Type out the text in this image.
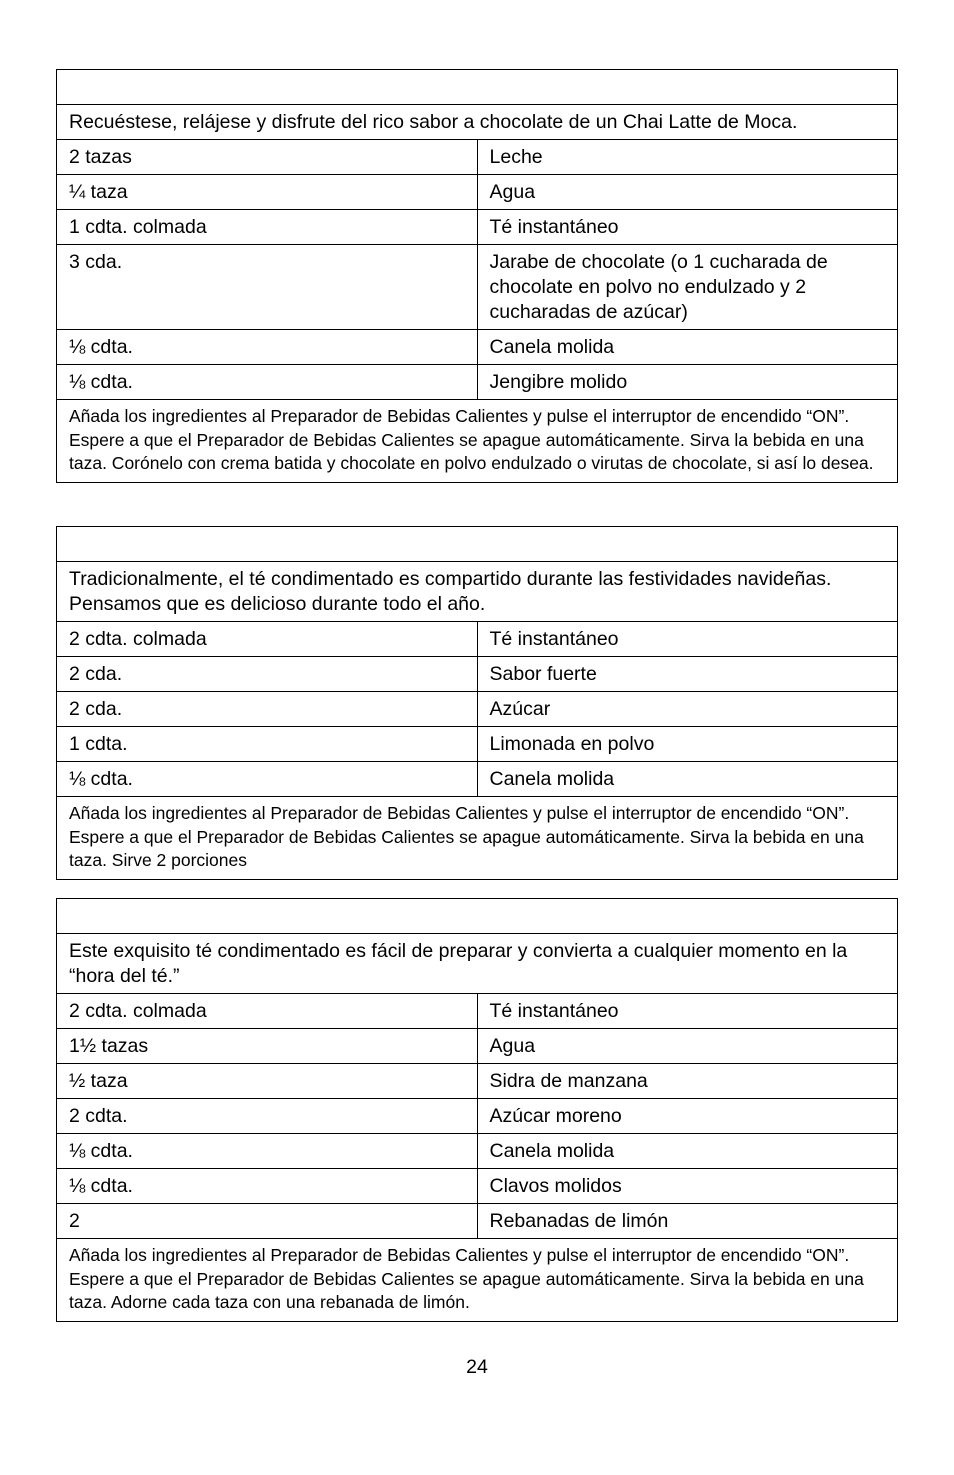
Recuéstese, relájese y disfrute del rico sabor a chocolate de un Chai Latte de Moca.	
2 tazas	Leche
¼ taza	Agua
1 cdta. colmada	Té instantáneo
3 cda.	Jarabe de chocolate (o 1 cucharada de chocolate en polvo no endulzado y 2 cucharadas de azúcar)
⅛ cdta.	Canela molida
⅛ cdta.	Jengibre molido
Añada los ingredientes al Preparador de Bebidas Calientes y pulse el interruptor de encendido “ON”. Espere a que el Preparador de Bebidas Calientes se apague automáticamente. Sirva la bebida en una taza. Corónelo con crema batida y chocolate en polvo endulzado o virutas de chocolate, si así lo desea.	

Tradicionalmente, el té condimentado es compartido durante las festividades navideñas. Pensamos que es delicioso durante todo el año.	
2 cdta. colmada	Té instantáneo
2 cda.	Sabor fuerte
2 cda.	Azúcar
1 cdta.	Limonada en polvo
⅛ cdta.	Canela molida
Añada los ingredientes al Preparador de Bebidas Calientes y pulse el interruptor de encendido “ON”. Espere a que el Preparador de Bebidas Calientes se apague automáticamente. Sirva la bebida en una taza. Sirve 2 porciones	

Este exquisito té condimentado es fácil de preparar y convierta a cualquier momento en la “hora del té.”	
2 cdta. colmada	Té instantáneo
1½ tazas	Agua
½ taza	Sidra de manzana
2 cdta.	Azúcar moreno
⅛ cdta.	Canela molida
⅛ cdta.	Clavos molidos
2	Rebanadas de limón
Añada los ingredientes al Preparador de Bebidas Calientes y pulse el interruptor de encendido “ON”. Espere a que el Preparador de Bebidas Calientes se apague automáticamente. Sirva la bebida en una taza. Adorne cada taza con una rebanada de limón.	
24
